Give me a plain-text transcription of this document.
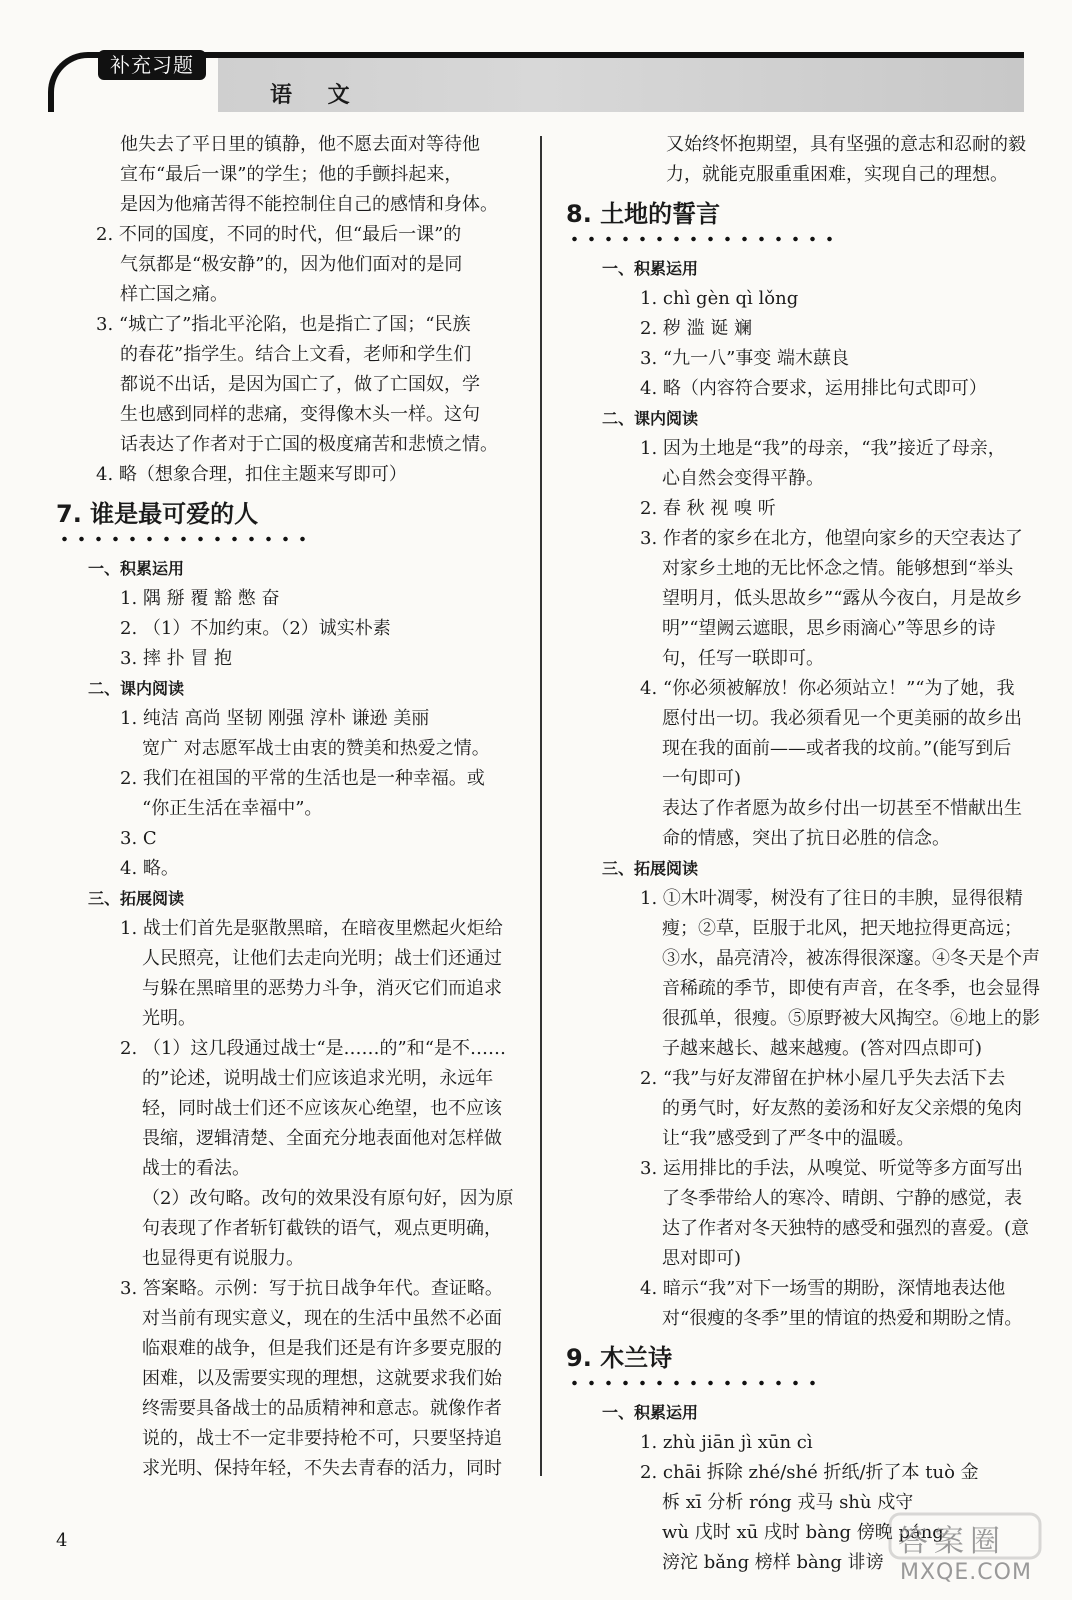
补充习题
语 文

他失去了平日里的镇静，他不愿去面对等待他

宣布“最后一课”的学生；他的手颤抖起来，

是因为他痛苦得不能控制住自己的感情和身体。

2. 不同的国度，不同的时代，但“最后一课”的

气氛都是“极安静”的，因为他们面对的是同

样亡国之痛。

3. “城亡了”指北平沦陷，也是指亡了国；“民族

的春花”指学生。结合上文看，老师和学生们

都说不出话，是因为国亡了，做了亡国奴，学

生也感到同样的悲痛，变得像木头一样。这句

话表达了作者对于亡国的极度痛苦和悲愤之情。

4. 略（想象合理，扣住主题来写即可）

7. 谁是最可爱的人

一、积累运用

1. 隅 掰 覆 豁 憋 奋

2. （1）不加约束。（2）诚实朴素

3. 摔 扑 冒 抱

二、课内阅读

1. 纯洁 高尚 坚韧 刚强 淳朴 谦逊 美丽

宽广 对志愿军战士由衷的赞美和热爱之情。

2. 我们在祖国的平常的生活也是一种幸福。或

“你正生活在幸福中”。

3. C

4. 略。

三、拓展阅读

1. 战士们首先是驱散黑暗，在暗夜里燃起火炬给

人民照亮，让他们去走向光明；战士们还通过

与躲在黑暗里的恶势力斗争，消灭它们而追求

光明。

2. （1）这几段通过战士“是……的”和“是不……

的”论述，说明战士们应该追求光明，永远年

轻，同时战士们还不应该灰心绝望，也不应该

畏缩，逻辑清楚、全面充分地表面他对怎样做

战士的看法。

（2）改句略。改句的效果没有原句好，因为原

句表现了作者斩钉截铁的语气，观点更明确，

也显得更有说服力。

3. 答案略。示例：写于抗日战争年代。查证略。

对当前有现实意义，现在的生活中虽然不必面

临艰难的战争，但是我们还是有许多要克服的

困难，以及需要实现的理想，这就要求我们始

终需要具备战士的品质精神和意志。就像作者

说的，战士不一定非要持枪不可，只要坚持追

求光明、保持年轻，不失去青春的活力，同时

又始终怀抱期望，具有坚强的意志和忍耐的毅

力，就能克服重重困难，实现自己的理想。

8. 土地的誓言

一、积累运用

1. chì gèn qì lǒng

2. 秽 滥 诞 斓

3. “九一八”事变 端木蕻良

4. 略（内容符合要求，运用排比句式即可）

二、课内阅读

1. 因为土地是“我”的母亲，“我”接近了母亲，

心自然会变得平静。

2. 春 秋 视 嗅 听

3. 作者的家乡在北方，他望向家乡的天空表达了

对家乡土地的无比怀念之情。能够想到“举头

望明月，低头思故乡”“露从今夜白，月是故乡

明”“望阙云遮眼，思乡雨滴心”等思乡的诗

句，任写一联即可。

4. “你必须被解放！你必须站立！”“为了她，我

愿付出一切。我必须看见一个更美丽的故乡出

现在我的面前——或者我的坟前。”(能写到后

一句即可)

表达了作者愿为故乡付出一切甚至不惜献出生

命的情感，突出了抗日必胜的信念。

三、拓展阅读

1. ①木叶凋零，树没有了往日的丰腴，显得很精

瘦；②草，臣服于北风，把天地拉得更高远；

③水，晶亮清冷，被冻得很深邃。④冬天是个声

音稀疏的季节，即使有声音，在冬季，也会显得

很孤单，很瘦。⑤原野被大风掏空。⑥地上的影

子越来越长、越来越瘦。(答对四点即可)

2. “我”与好友滞留在护林小屋几乎失去活下去

的勇气时，好友熬的姜汤和好友父亲煨的兔肉

让“我”感受到了严冬中的温暖。

3. 运用排比的手法，从嗅觉、听觉等多方面写出

了冬季带给人的寒冷、晴朗、宁静的感觉，表

达了作者对冬天独特的感受和强烈的喜爱。(意

思对即可)

4. 暗示“我”对下一场雪的期盼，深情地表达他

对“很瘦的冬季”里的情谊的热爱和期盼之情。

9. 木兰诗

一、积累运用

1. zhù jiān jì xūn cì

2. chāi 拆除 zhé/shé 折纸/折了本 tuò 金

柝 xī 分析 róng 戎马 shù 戍守

wù 戊时 xū 戌时 bàng 傍晚 páng

滂沱 bǎng 榜样 bàng 诽谤

4	答案圈
MXQE.COM
